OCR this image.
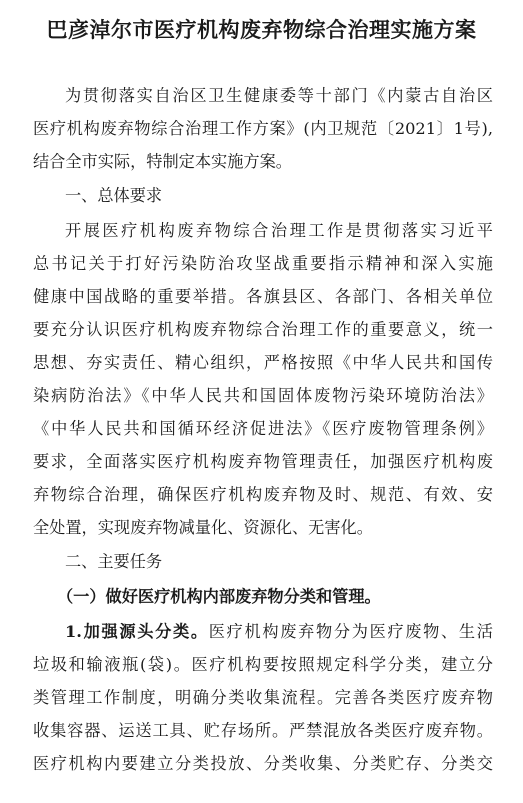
巴彦淖尔市医疗机构废弃物综合治理实施方案
为贯彻落实自治区卫生健康委等十部门《内蒙古自治区
医疗机构废弃物综合治理工作方案》(内卫规范〔2021〕1号),
结合全市实际，特制定本实施方案。
一、总体要求
开展医疗机构废弃物综合治理工作是贯彻落实习近平
总书记关于打好污染防治攻坚战重要指示精神和深入实施
健康中国战略的重要举措。各旗县区、各部门、各相关单位
要充分认识医疗机构废弃物综合治理工作的重要意义，统一
思想、夯实责任、精心组织，严格按照《中华人民共和国传
染病防治法》《中华人民共和国固体废物污染环境防治法》
《中华人民共和国循环经济促进法》《医疗废物管理条例》
要求，全面落实医疗机构废弃物管理责任，加强医疗机构废
弃物综合治理，确保医疗机构废弃物及时、规范、有效、安
全处置，实现废弃物减量化、资源化、无害化。
二、主要任务
（一）做好医疗机构内部废弃物分类和管理。
1.加强源头分类。医疗机构废弃物分为医疗废物、生活
垃圾和输液瓶(袋)。医疗机构要按照规定科学分类，建立分
类管理工作制度，明确分类收集流程。完善各类医疗废弃物
收集容器、运送工具、贮存场所。严禁混放各类医疗废弃物。
医疗机构内要建立分类投放、分类收集、分类贮存、分类交
